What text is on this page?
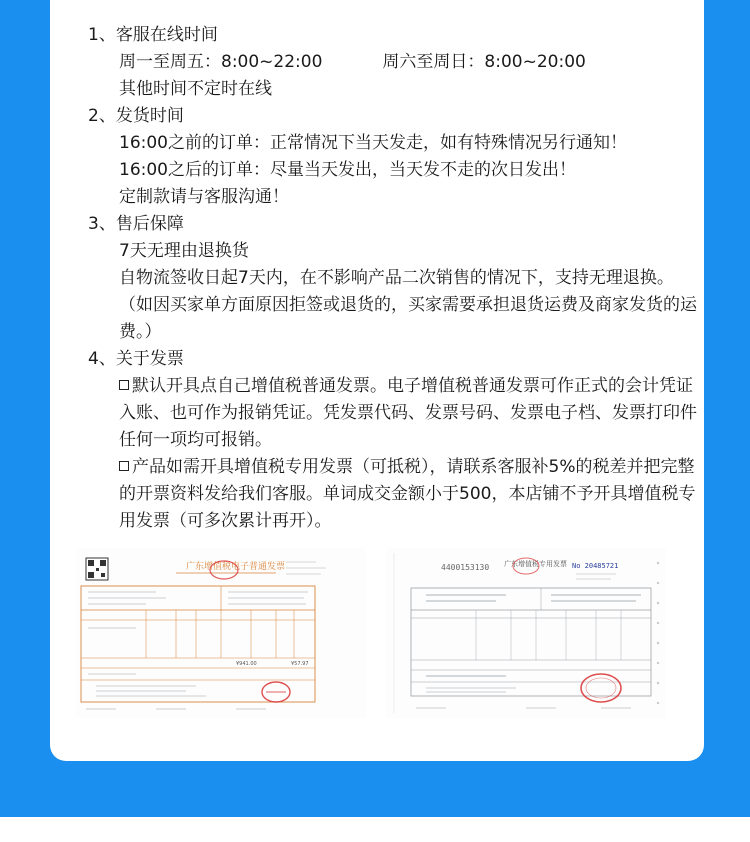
1、客服在线时间
周一至周五：8:00~22:00	周六至周日：8:00~20:00
其他时间不定时在线
2、发货时间
16:00之前的订单：正常情况下当天发走，如有特殊情况另行通知！
16:00之后的订单：尽量当天发出，当天发不走的次日发出！
定制款请与客服沟通！
3、售后保障
7天无理由退换货
自物流签收日起7天内，在不影响产品二次销售的情况下，支持无理退换。（如因买家单方面原因拒签或退货的，买家需要承担退货运费及商家发货的运费。）
4、关于发票
默认开具点自己增值税普通发票。电子增值税普通发票可作正式的会计凭证入账、也可作为报销凭证。凭发票代码、发票号码、发票电子档、发票打印件任何一项均可报销。
产品如需开具增值税专用发票（可抵税），请联系客服补5%的税差并把完整的开票资料发给我们客服。单词成交金额小于500，本店铺不予开具增值税专用发票（可多次累计再开）。
广东增值税电子普通发票
¥941.00	¥57.97
4400153130 广东增值税专用发票 No 20485721
